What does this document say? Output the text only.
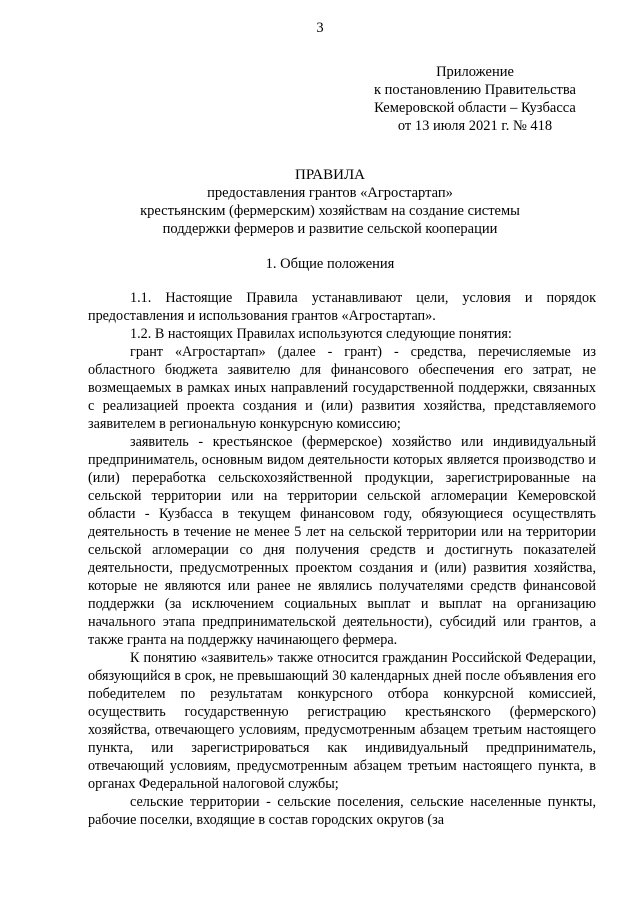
3
Приложение
к постановлению Правительства
Кемеровской области – Кузбасса
от 13 июля 2021 г. № 418
ПРАВИЛА
предоставления грантов «Агростартап»
крестьянским (фермерским) хозяйствам на создание системы
поддержки фермеров и развитие сельской кооперации
1. Общие положения

1.1. Настоящие Правила устанавливают цели, условия и порядок предоставления и использования грантов «Агростартап».

1.2. В настоящих Правилах используются следующие понятия:

грант «Агростартап» (далее - грант) - средства, перечисляемые из областного бюджета заявителю для финансового обеспечения его затрат, не возмещаемых в рамках иных направлений государственной поддержки, связанных с реализацией проекта создания и (или) развития хозяйства, представляемого заявителем в региональную конкурсную комиссию;

заявитель - крестьянское (фермерское) хозяйство или индивидуальный предприниматель, основным видом деятельности которых является производство и (или) переработка сельскохозяйственной продукции, зарегистрированные на сельской территории или на территории сельской агломерации Кемеровской области - Кузбасса в текущем финансовом году, обязующиеся осуществлять деятельность в течение не менее 5 лет на сельской территории или на территории сельской агломерации со дня получения средств и достигнуть показателей деятельности, предусмотренных проектом создания и (или) развития хозяйства, которые не являются или ранее не являлись получателями средств финансовой поддержки (за исключением социальных выплат и выплат на организацию начального этапа предпринимательской деятельности), субсидий или грантов, а также гранта на поддержку начинающего фермера.

К понятию «заявитель» также относится гражданин Российской Федерации, обязующийся в срок, не превышающий 30 календарных дней после объявления его победителем по результатам конкурсного отбора конкурсной комиссией, осуществить государственную регистрацию крестьянского (фермерского) хозяйства, отвечающего условиям, предусмотренным абзацем третьим настоящего пункта, или зарегистрироваться как индивидуальный предприниматель, отвечающий условиям, предусмотренным абзацем третьим настоящего пункта, в органах Федеральной налоговой службы;

сельские территории - сельские поселения, сельские населенные пункты, рабочие поселки, входящие в состав городских округов (за
